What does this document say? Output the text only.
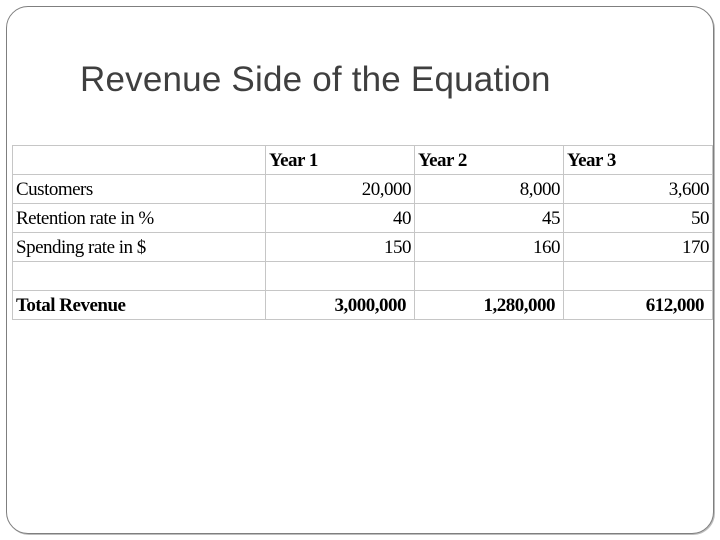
Revenue Side of the Equation
	Year 1	Year 2	Year 3
Customers	20,000	8,000	3,600
Retention rate in %	40	45	50
Spending rate in $	150	160	170

Total Revenue	3,000,000	1,280,000	612,000
